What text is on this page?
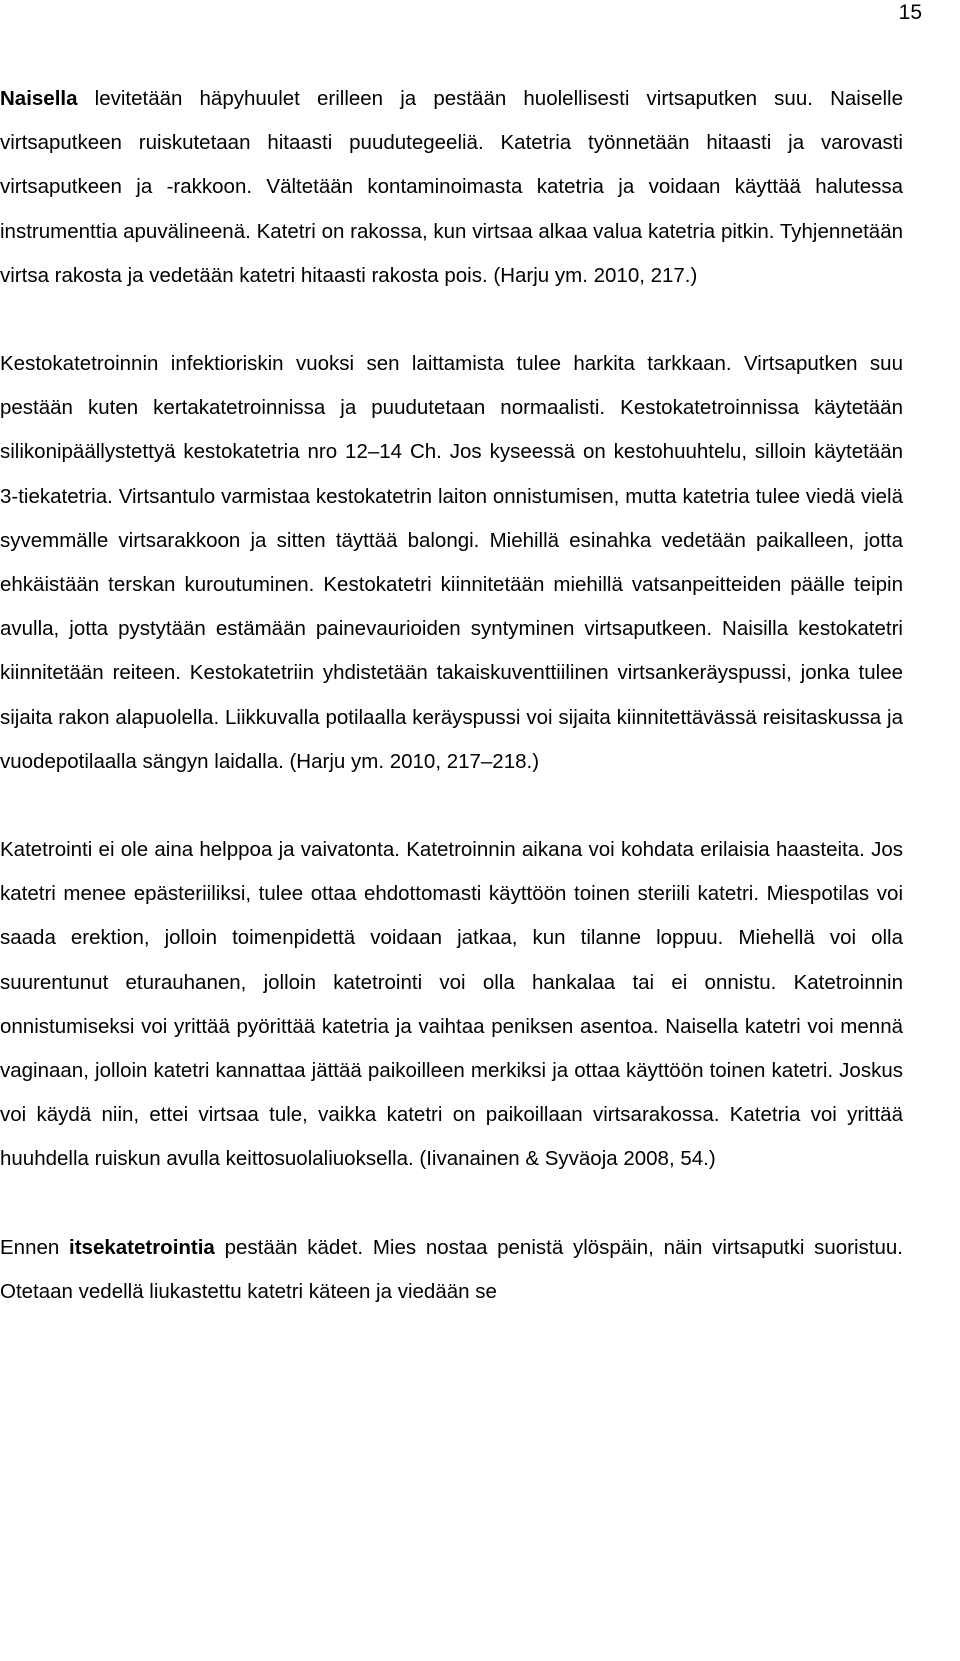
15

Naisella levitetään häpyhuulet erilleen ja pestään huolellisesti virtsaputken suu. Naiselle virtsaputkeen ruiskutetaan hitaasti puudutegeeliä. Katetria työnnetään hitaasti ja varovasti virtsaputkeen ja -rakkoon. Vältetään kontaminoimasta katetria ja voidaan käyttää halutessa instrumenttia apuvälineenä. Katetri on rakossa, kun virtsaa alkaa valua katetria pitkin. Tyhjennetään virtsa rakosta ja vedetään katetri hitaasti rakosta pois. (Harju ym. 2010, 217.)

Kestokatetroinnin infektioriskin vuoksi sen laittamista tulee harkita tarkkaan. Virtsaputken suu pestään kuten kertakatetroinnissa ja puudutetaan normaalisti. Kestokatetroinnissa käytetään silikonipäällystettyä kestokatetria nro 12–14 Ch. Jos kyseessä on kestohuuhtelu, silloin käytetään 3-tiekatetria. Virtsantulo varmistaa kestokatetrin laiton onnistumisen, mutta katetria tulee viedä vielä syvemmälle virtsarakkoon ja sitten täyttää balongi. Miehillä esinahka vedetään paikalleen, jotta ehkäistään terskan kuroutuminen. Kestokatetri kiinnitetään miehillä vatsanpeitteiden päälle teipin avulla, jotta pystytään estämään painevaurioiden syntyminen virtsaputkeen. Naisilla kestokatetri kiinnitetään reiteen. Kestokatetriin yhdistetään takaiskuventtiilinen virtsankeräyspussi, jonka tulee sijaita rakon alapuolella. Liikkuvalla potilaalla keräyspussi voi sijaita kiinnitettävässä reisitaskussa ja vuodepotilaalla sängyn laidalla. (Harju ym. 2010, 217–218.)

Katetrointi ei ole aina helppoa ja vaivatonta. Katetroinnin aikana voi kohdata erilaisia haasteita. Jos katetri menee epästeriiliksi, tulee ottaa ehdottomasti käyttöön toinen steriili katetri. Miespotilas voi saada erektion, jolloin toimenpidettä voidaan jatkaa, kun tilanne loppuu. Miehellä voi olla suurentunut eturauhanen, jolloin katetrointi voi olla hankalaa tai ei onnistu. Katetroinnin onnistumiseksi voi yrittää pyörittää katetria ja vaihtaa peniksen asentoa. Naisella katetri voi mennä vaginaan, jolloin katetri kannattaa jättää paikoilleen merkiksi ja ottaa käyttöön toinen katetri. Joskus voi käydä niin, ettei virtsaa tule, vaikka katetri on paikoillaan virtsarakossa. Katetria voi yrittää huuhdella ruiskun avulla keittosuolaliuoksella. (Iivanainen & Syväoja 2008, 54.)

Ennen itsekatetrointia pestään kädet. Mies nostaa penistä ylöspäin, näin virtsaputki suoristuu. Otetaan vedellä liukastettu katetri käteen ja viedään se
